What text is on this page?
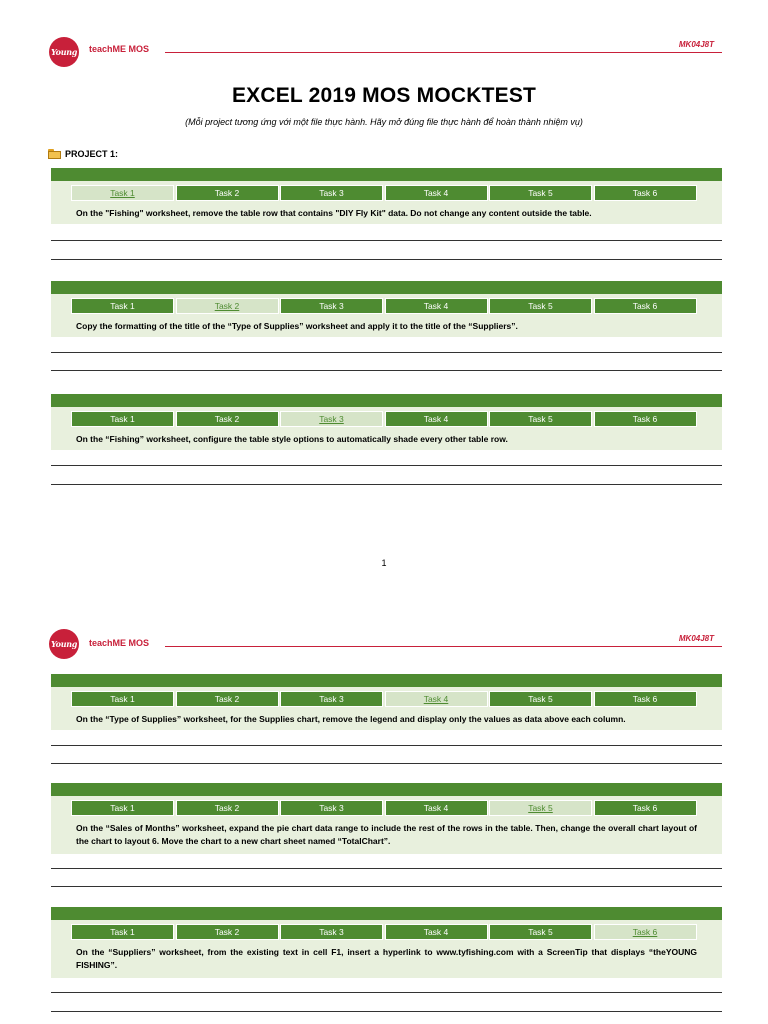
Young teachME MOS	MK04J8T
EXCEL 2019 MOS MOCKTEST
(Mỗi project tương ứng với một file thực hành. Hãy mở đúng file thực hành để hoàn thành nhiệm vụ)
PROJECT 1:
Task 1	Task 2	Task 3	Task 4	Task 5	Task 6
On the "Fishing" worksheet, remove the table row that contains "DIY Fly Kit" data. Do not change any content outside the table.
Task 1	Task 2	Task 3	Task 4	Task 5	Task 6
Copy the formatting of the title of the “Type of Supplies” worksheet and apply it to the title of the “Suppliers”.
Task 1	Task 2	Task 3	Task 4	Task 5	Task 6
On the “Fishing” worksheet, configure the table style options to automatically shade every other table row.
1
Young teachME MOS	MK04J8T
Task 1	Task 2	Task 3	Task 4	Task 5	Task 6
On the “Type of Supplies” worksheet, for the Supplies chart, remove the legend and display only the values as data above each column.
Task 1	Task 2	Task 3	Task 4	Task 5	Task 6
On the “Sales of Months” worksheet, expand the pie chart data range to include the rest of the rows in the table. Then, change the overall chart layout of the chart to layout 6. Move the chart to a new chart sheet named “TotalChart”.
Task 1	Task 2	Task 3	Task 4	Task 5	Task 6
On the “Suppliers” worksheet, from the existing text in cell F1, insert a hyperlink to www.tyfishing.com with a ScreenTip that displays “theYOUNG FISHING”.
